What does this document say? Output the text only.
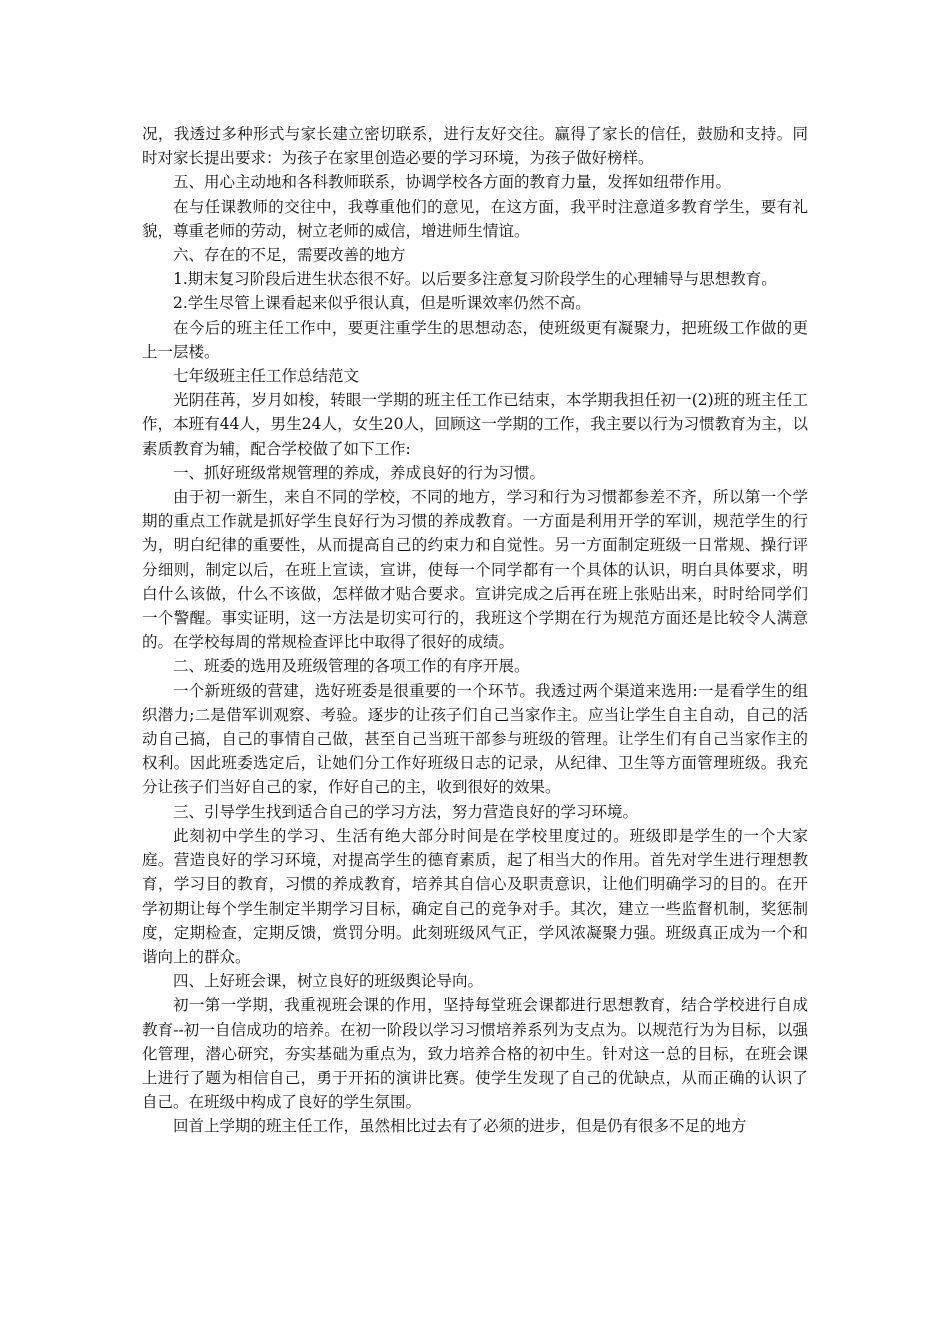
况，我透过多种形式与家长建立密切联系，进行友好交往。赢得了家长的信任，鼓励和支持。同时对家长提出要求：为孩子在家里创造必要的学习环境，为孩子做好榜样。

五、用心主动地和各科教师联系，协调学校各方面的教育力量，发挥如纽带作用。

在与任课教师的交往中，我尊重他们的意见，在这方面，我平时注意道多教育学生，要有礼貌，尊重老师的劳动，树立老师的威信，增进师生情谊。

六、存在的不足，需要改善的地方

1.期末复习阶段后进生状态很不好。以后要多注意复习阶段学生的心理辅导与思想教育。

2.学生尽管上课看起来似乎很认真，但是听课效率仍然不高。

在今后的班主任工作中，要更注重学生的思想动态，使班级更有凝聚力，把班级工作做的更上一层楼。

七年级班主任工作总结范文

光阴荏苒，岁月如梭，转眼一学期的班主任工作已结束，本学期我担任初一(2)班的班主任工作，本班有44人，男生24人，女生20人，回顾这一学期的工作，我主要以行为习惯教育为主，以素质教育为辅，配合学校做了如下工作:

一、抓好班级常规管理的养成，养成良好的行为习惯。

由于初一新生，来自不同的学校，不同的地方，学习和行为习惯都参差不齐，所以第一个学期的重点工作就是抓好学生良好行为习惯的养成教育。一方面是利用开学的军训，规范学生的行为，明白纪律的重要性，从而提高自己的约束力和自觉性。另一方面制定班级一日常规、操行评分细则，制定以后，在班上宣读，宣讲，使每一个同学都有一个具体的认识，明白具体要求，明白什么该做，什么不该做，怎样做才贴合要求。宣讲完成之后再在班上张贴出来，时时给同学们一个警醒。事实证明，这一方法是切实可行的，我班这个学期在行为规范方面还是比较令人满意的。在学校每周的常规检查评比中取得了很好的成绩。

二、班委的选用及班级管理的各项工作的有序开展。

一个新班级的营建，选好班委是很重要的一个环节。我透过两个渠道来选用:一是看学生的组织潜力;二是借军训观察、考验。逐步的让孩子们自己当家作主。应当让学生自主自动，自己的活动自己搞，自己的事情自己做，甚至自己当班干部参与班级的管理。让学生们有自己当家作主的权利。因此班委选定后，让她们分工作好班级日志的记录，从纪律、卫生等方面管理班级。我充分让孩子们当好自己的家，作好自己的主，收到很好的效果。

三、引导学生找到适合自己的学习方法，努力营造良好的学习环境。

此刻初中学生的学习、生活有绝大部分时间是在学校里度过的。班级即是学生的一个大家庭。营造良好的学习环境，对提高学生的德育素质，起了相当大的作用。首先对学生进行理想教育，学习目的教育，习惯的养成教育，培养其自信心及职责意识，让他们明确学习的目的。在开学初期让每个学生制定半期学习目标，确定自己的竞争对手。其次，建立一些监督机制，奖惩制度，定期检查，定期反馈，赏罚分明。此刻班级风气正，学风浓凝聚力强。班级真正成为一个和谐向上的群众。

四、上好班会课，树立良好的班级舆论导向。

初一第一学期，我重视班会课的作用，坚持每堂班会课都进行思想教育，结合学校进行自成教育--初一自信成功的培养。在初一阶段以学习习惯培养系列为支点为。以规范行为为目标，以强化管理，潜心研究，夯实基础为重点为，致力培养合格的初中生。针对这一总的目标，在班会课上进行了题为相信自己，勇于开拓的演讲比赛。使学生发现了自己的优缺点，从而正确的认识了自己。在班级中构成了良好的学生氛围。

回首上学期的班主任工作，虽然相比过去有了必须的进步，但是仍有很多不足的地方
